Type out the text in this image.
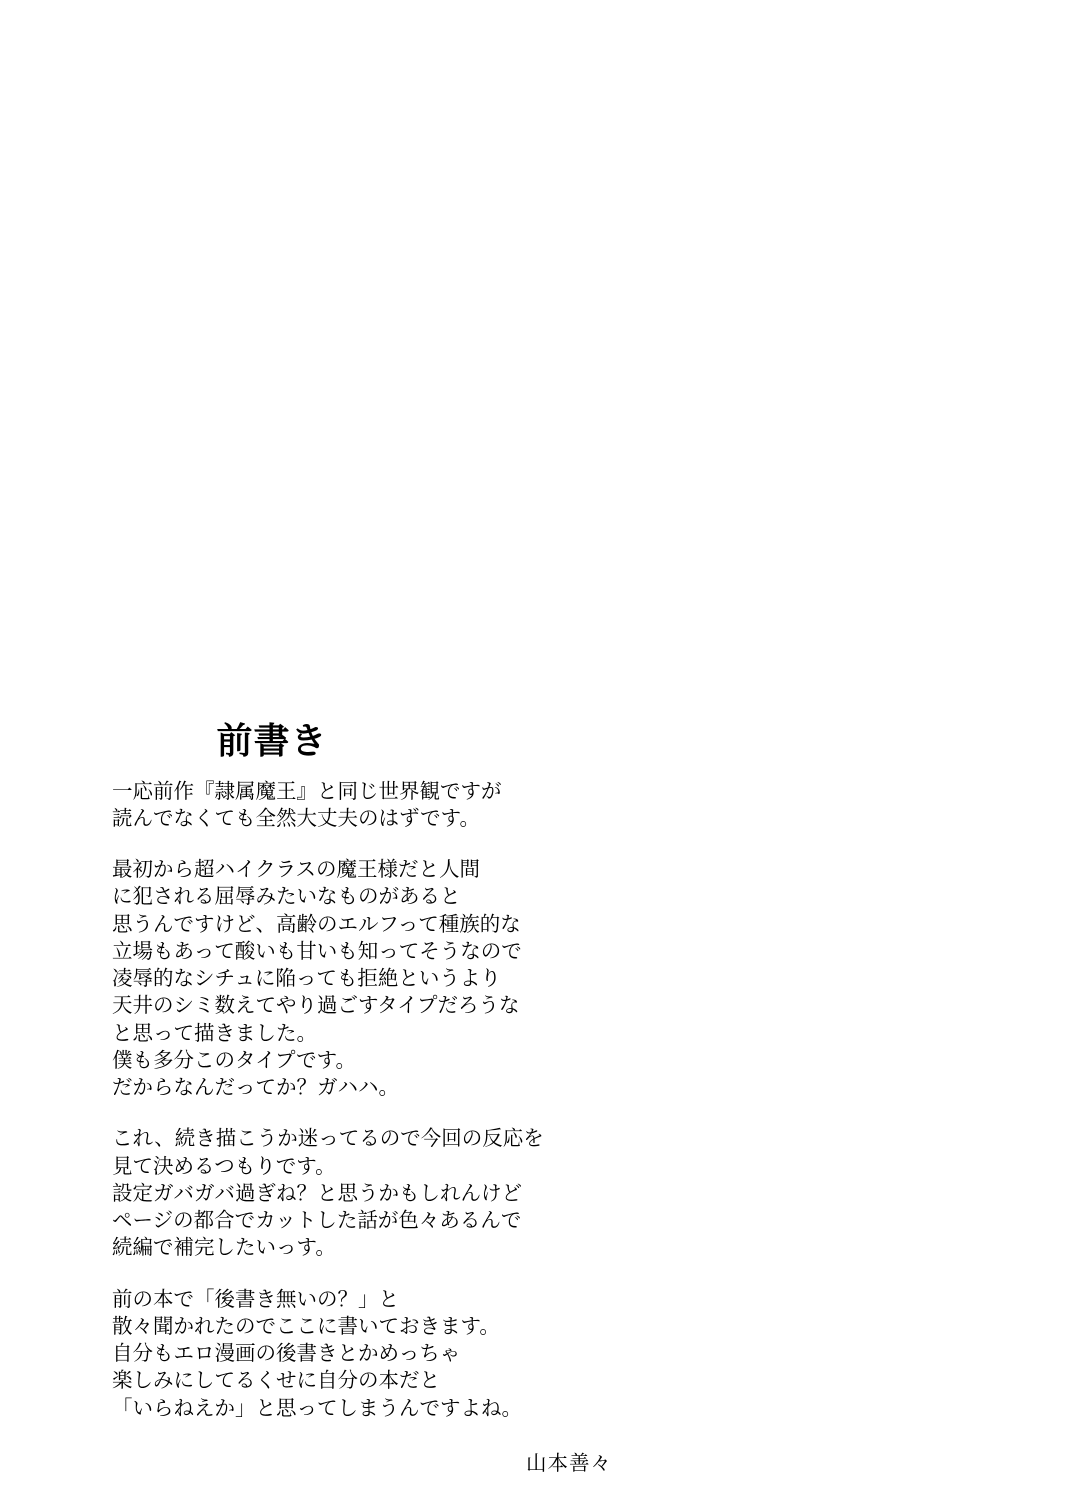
前書き
一応前作『隷属魔王』と同じ世界観ですが
読んでなくても全然大丈夫のはずです。
最初から超ハイクラスの魔王様だと人間
に犯される屈辱みたいなものがあると
思うんですけど、高齢のエルフって種族的な
立場もあって酸いも甘いも知ってそうなので
凌辱的なシチュに陥っても拒絶というより
天井のシミ数えてやり過ごすタイプだろうな
と思って描きました。
僕も多分このタイプです。
だからなんだってか？ガハハ。
これ、続き描こうか迷ってるので今回の反応を
見て決めるつもりです。
設定ガバガバ過ぎね？と思うかもしれんけど
ページの都合でカットした話が色々あるんで
続編で補完したいっす。
前の本で「後書き無いの？」と
散々聞かれたのでここに書いておきます。
自分もエロ漫画の後書きとかめっちゃ
楽しみにしてるくせに自分の本だと
「いらねえか」と思ってしまうんですよね。
山本善々
